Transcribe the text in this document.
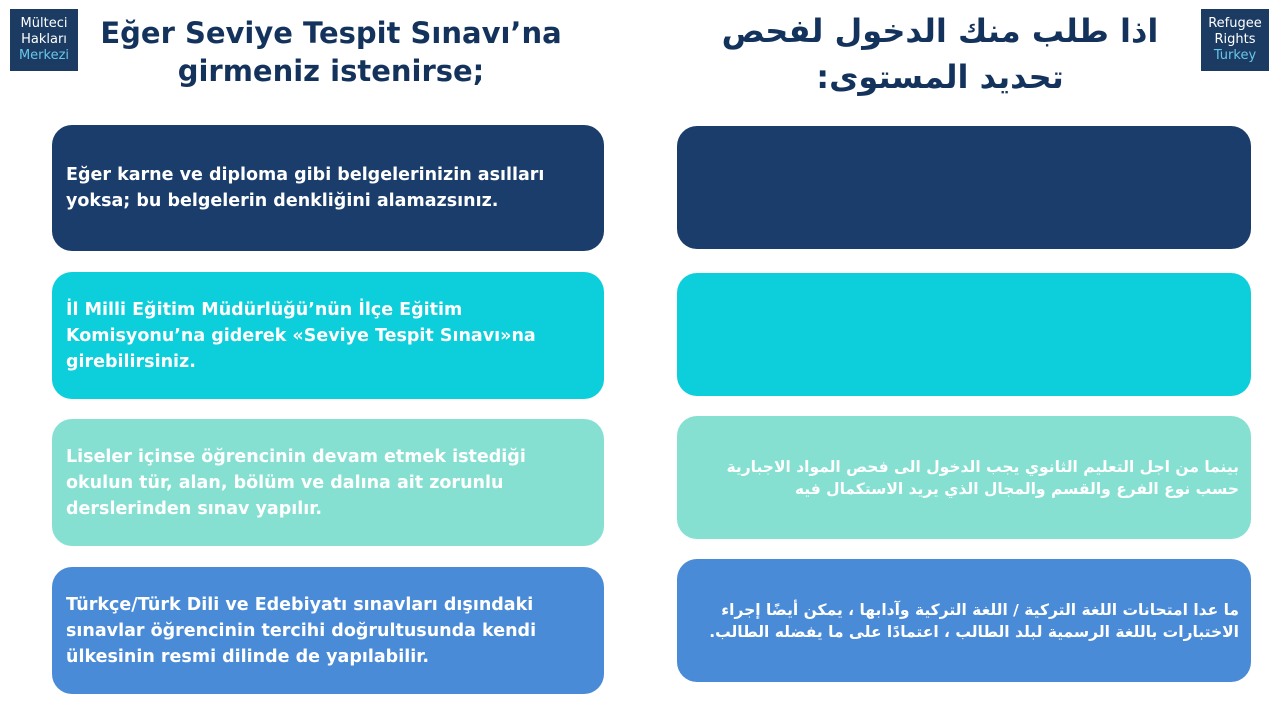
Mülteci
Hakları
Merkezi
Refugee
Rights
Turkey
Eğer Seviye Tespit Sınavı’na girmeniz istenirse;
اذا طلب منك الدخول لفحص تحديد المستوى:

Eğer karne ve diploma gibi belgelerinizin asılları yoksa; bu belgelerin denkliğini alamazsınız.

İl Milli Eğitim Müdürlüğü’nün İlçe Eğitim Komisyonu’na giderek «Seviye Tespit Sınavı»na girebilirsiniz.

Liseler içinse öğrencinin devam etmek istediği okulun tür, alan, bölüm ve dalına ait zorunlu derslerinden sınav yapılır.

Türkçe/Türk Dili ve Edebiyatı sınavları dışındaki sınavlar öğrencinin tercihi doğrultusunda kendi ülkesinin resmi dilinde de yapılabilir.

بينما من اجل التعليم الثانوي يجب الدخول الى فحص المواد الاجبارية حسب نوع الفرع والقسم والمجال الذي يريد الاستكمال فيه

ما عدا امتحانات اللغة التركية / اللغة التركية وآدابها ، يمكن أيضًا إجراء الاختبارات باللغة الرسمية لبلد الطالب ، اعتمادًا على ما يفضله الطالب.
